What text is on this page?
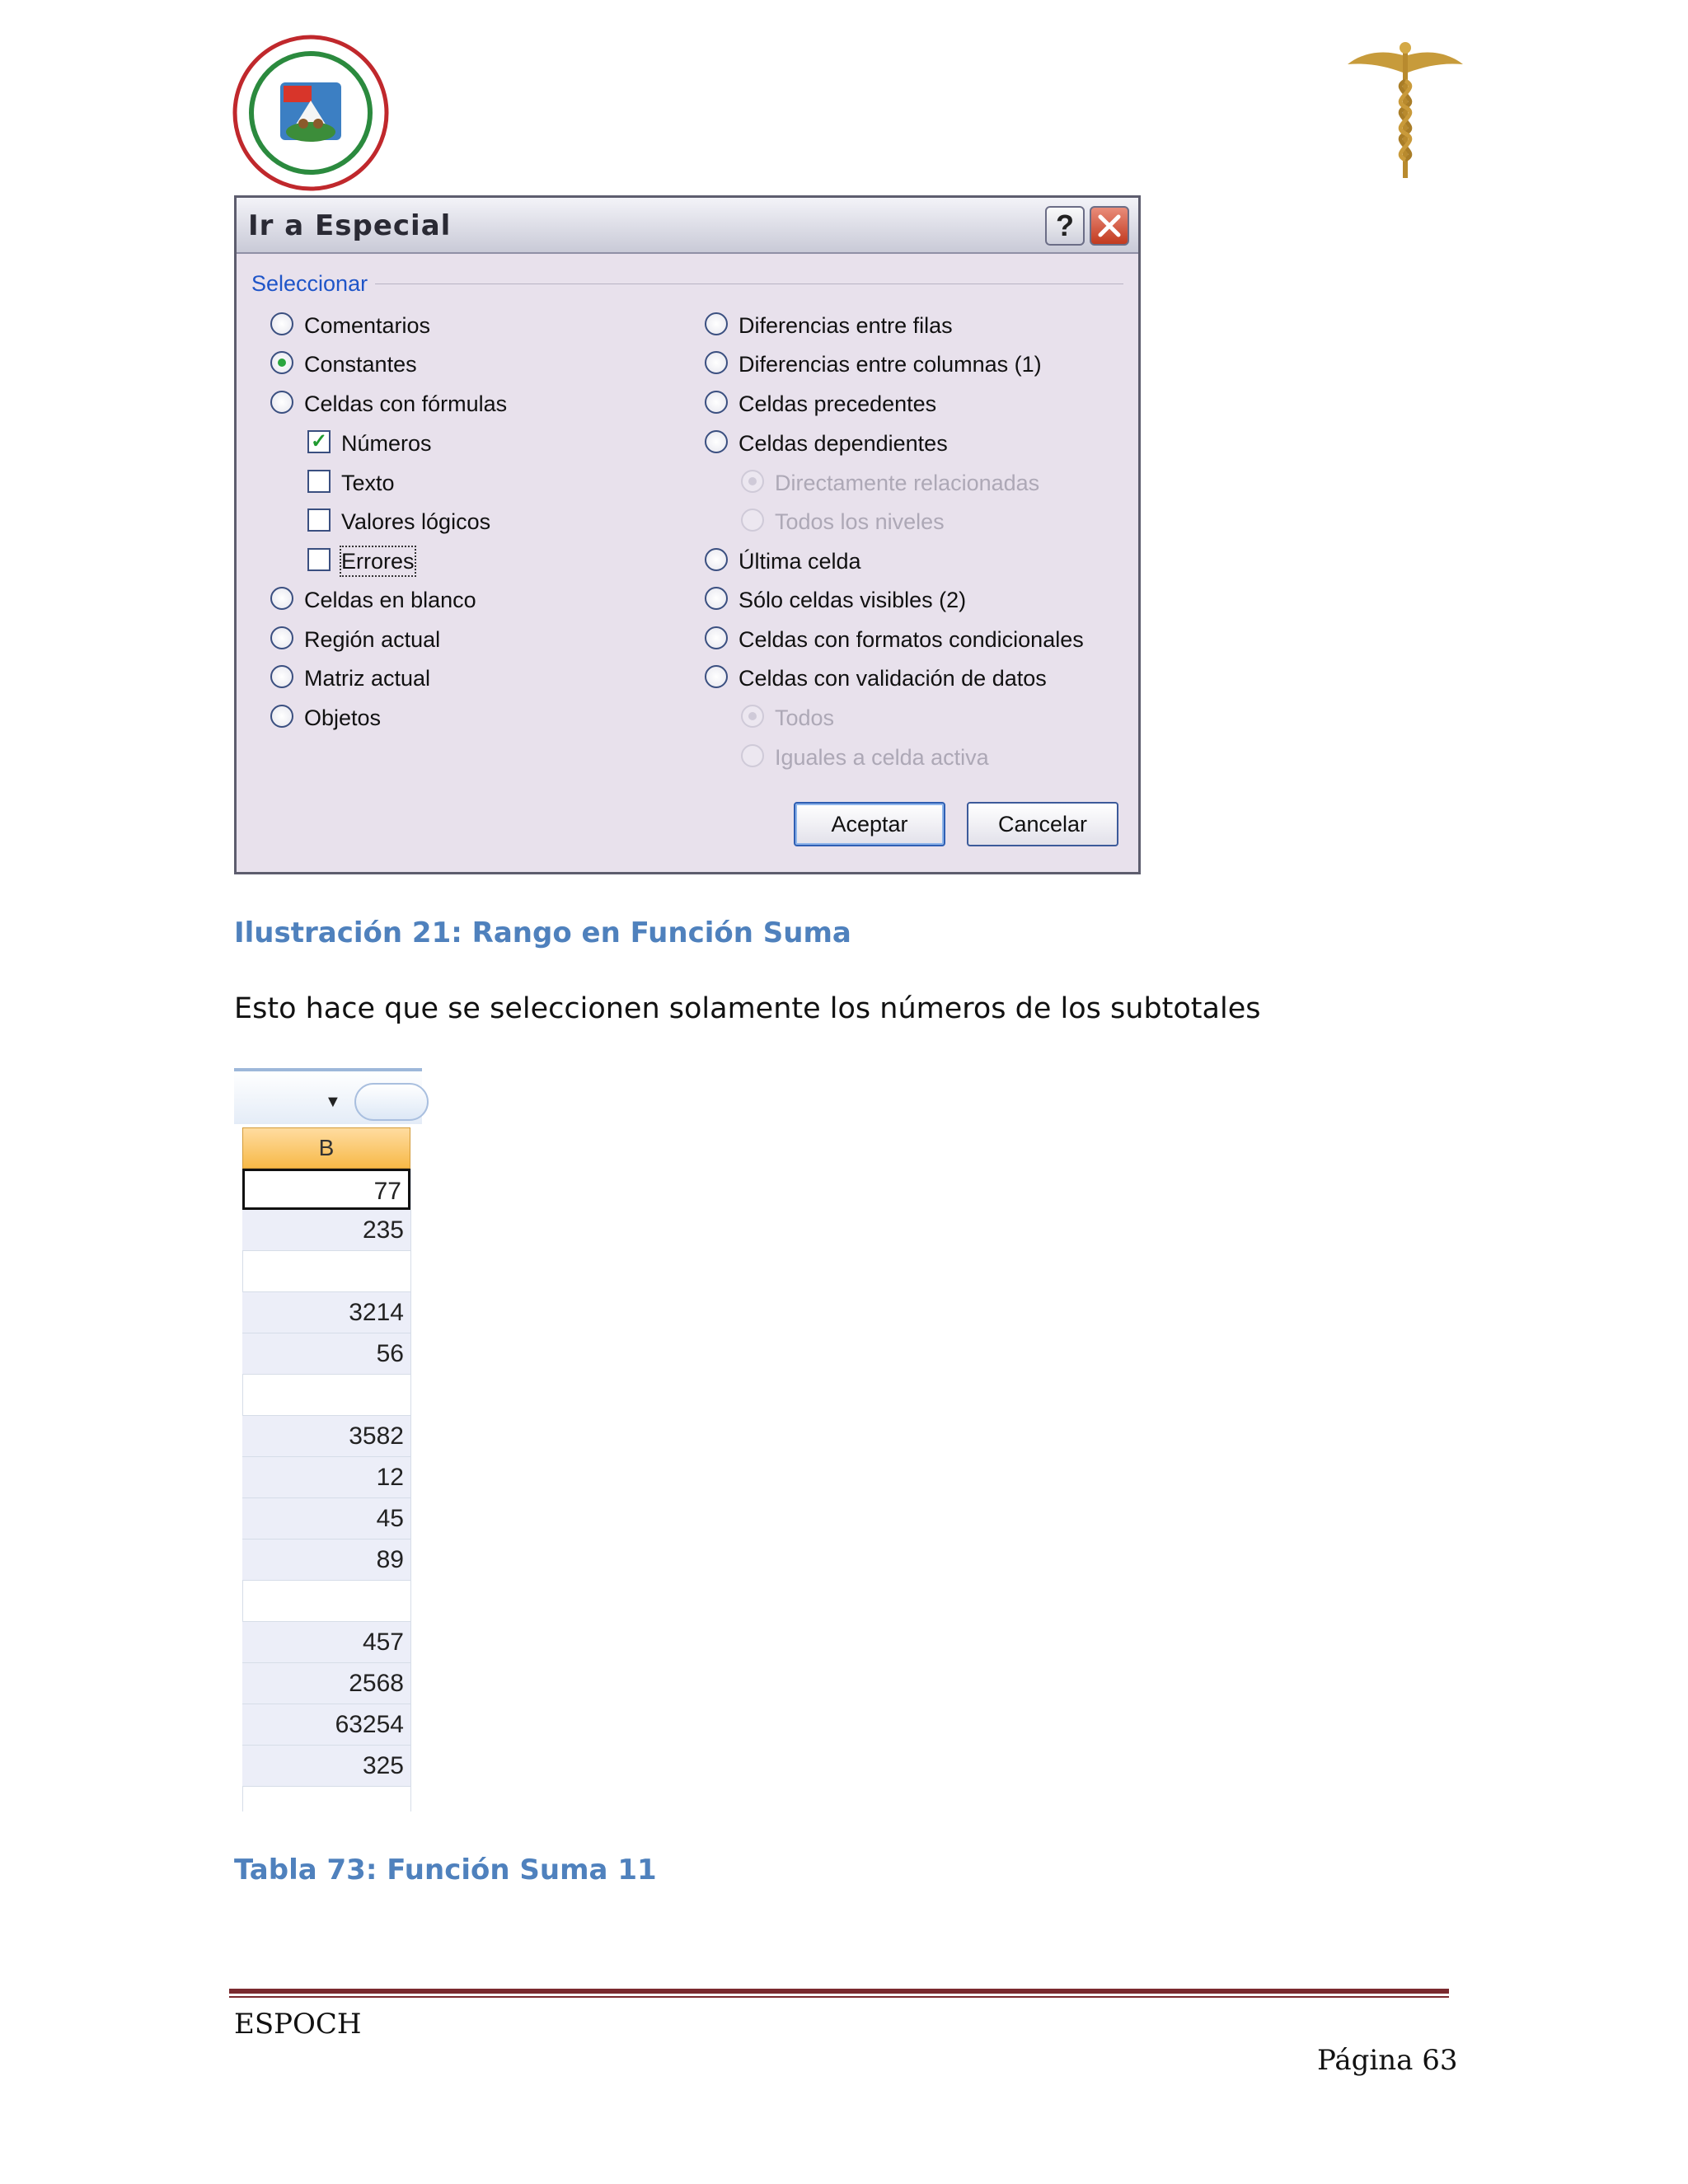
Ir a Especial	?
Seleccionar
Comentarios
Constantes
Celdas con fórmulas
✓ Números
Texto
Valores lógicos
Errores
Celdas en blanco
Región actual
Matriz actual
Objetos
Diferencias entre filas
Diferencias entre columnas (1)
Celdas precedentes
Celdas dependientes
Directamente relacionadas
Todos los niveles
Última celda
Sólo celdas visibles (2)
Celdas con formatos condicionales
Celdas con validación de datos
Todos
Iguales a celda activa
Aceptar	Cancelar
Ilustración 21: Rango en Función Suma
Esto hace que se seleccionen solamente los números de los subtotales
▼
B
77
235
3214
56
3582
12
45
89
457
2568
63254
325
Tabla 73: Función Suma 11
ESPOCH
Página 63
